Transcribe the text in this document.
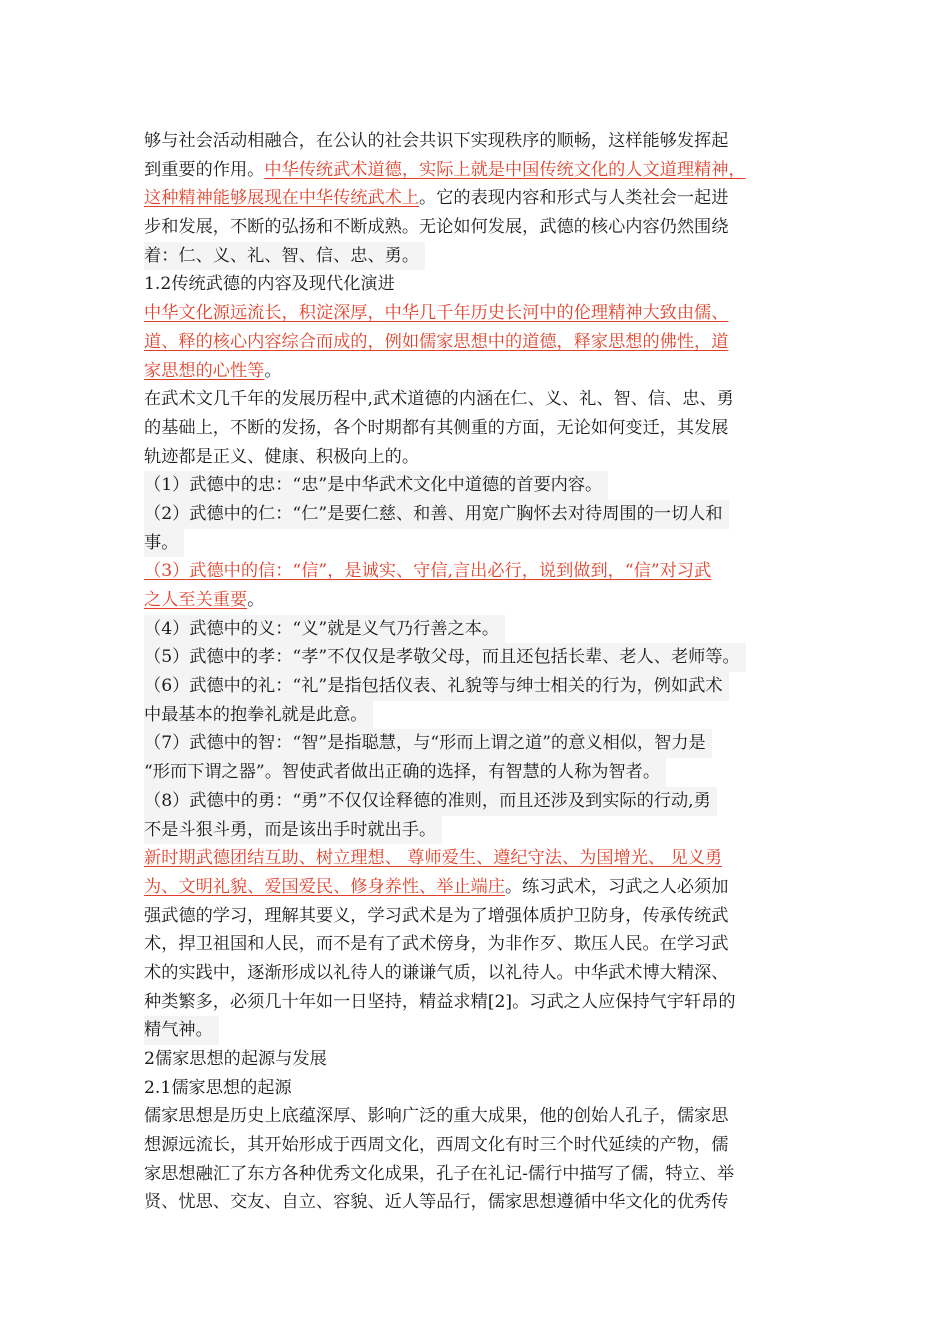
够与社会活动相融合，在公认的社会共识下实现秩序的顺畅，这样能够发挥起
到重要的作用。中华传统武术道德，实际上就是中国传统文化的人文道理精神，
这种精神能够展现在中华传统武术上。它的表现内容和形式与人类社会一起进
步和发展，不断的弘扬和不断成熟。无论如何发展，武德的核心内容仍然围绕
着：仁、义、礼、智、信、忠、勇。
1.2传统武德的内容及现代化演进
中华文化源远流长，积淀深厚，中华几千年历史长河中的伦理精神大致由儒、
道、释的核心内容综合而成的，例如儒家思想中的道德，释家思想的佛性，道
家思想的心性等。
在武术文几千年的发展历程中,武术道德的内涵在仁、义、礼、智、信、忠、勇
的基础上，不断的发扬，各个时期都有其侧重的方面，无论如何变迁，其发展
轨迹都是正义、健康、积极向上的。
（1）武德中的忠：“忠”是中华武术文化中道德的首要内容。
（2）武德中的仁：“仁”是要仁慈、和善、用宽广胸怀去对待周围的一切人和
事。
（3）武德中的信：“信”，是诚实、守信,言出必行，说到做到，“信”对习武
之人至关重要。
（4）武德中的义：“义”就是义气乃行善之本。
（5）武德中的孝：“孝”不仅仅是孝敬父母，而且还包括长辈、老人、老师等。
（6）武德中的礼：“礼”是指包括仪表、礼貌等与绅士相关的行为，例如武术
中最基本的抱拳礼就是此意。
（7）武德中的智：“智”是指聪慧，与“形而上谓之道”的意义相似，智力是
“形而下谓之器”。智使武者做出正确的选择，有智慧的人称为智者。
（8）武德中的勇：“勇”不仅仅诠释德的准则，而且还涉及到实际的行动,勇
不是斗狠斗勇，而是该出手时就出手。
新时期武德团结互助、树立理想、 尊师爱生、遵纪守法、为国增光、 见义勇
为、文明礼貌、爱国爱民、修身养性、举止端庄。练习武术，习武之人必须加
强武德的学习，理解其要义，学习武术是为了增强体质护卫防身，传承传统武
术，捍卫祖国和人民，而不是有了武术傍身，为非作歹、欺压人民。在学习武
术的实践中，逐渐形成以礼待人的谦谦气质，以礼待人。中华武术博大精深、
种类繁多，必须几十年如一日坚持，精益求精[2]。习武之人应保持气宇轩昂的
精气神。
2儒家思想的起源与发展
2.1儒家思想的起源
儒家思想是历史上底蕴深厚、影响广泛的重大成果，他的创始人孔子，儒家思
想源远流长，其开始形成于西周文化，西周文化有时三个时代延续的产物，儒
家思想融汇了东方各种优秀文化成果，孔子在礼记-儒行中描写了儒，特立、举
贤、忧思、交友、自立、容貌、近人等品行，儒家思想遵循中华文化的优秀传
